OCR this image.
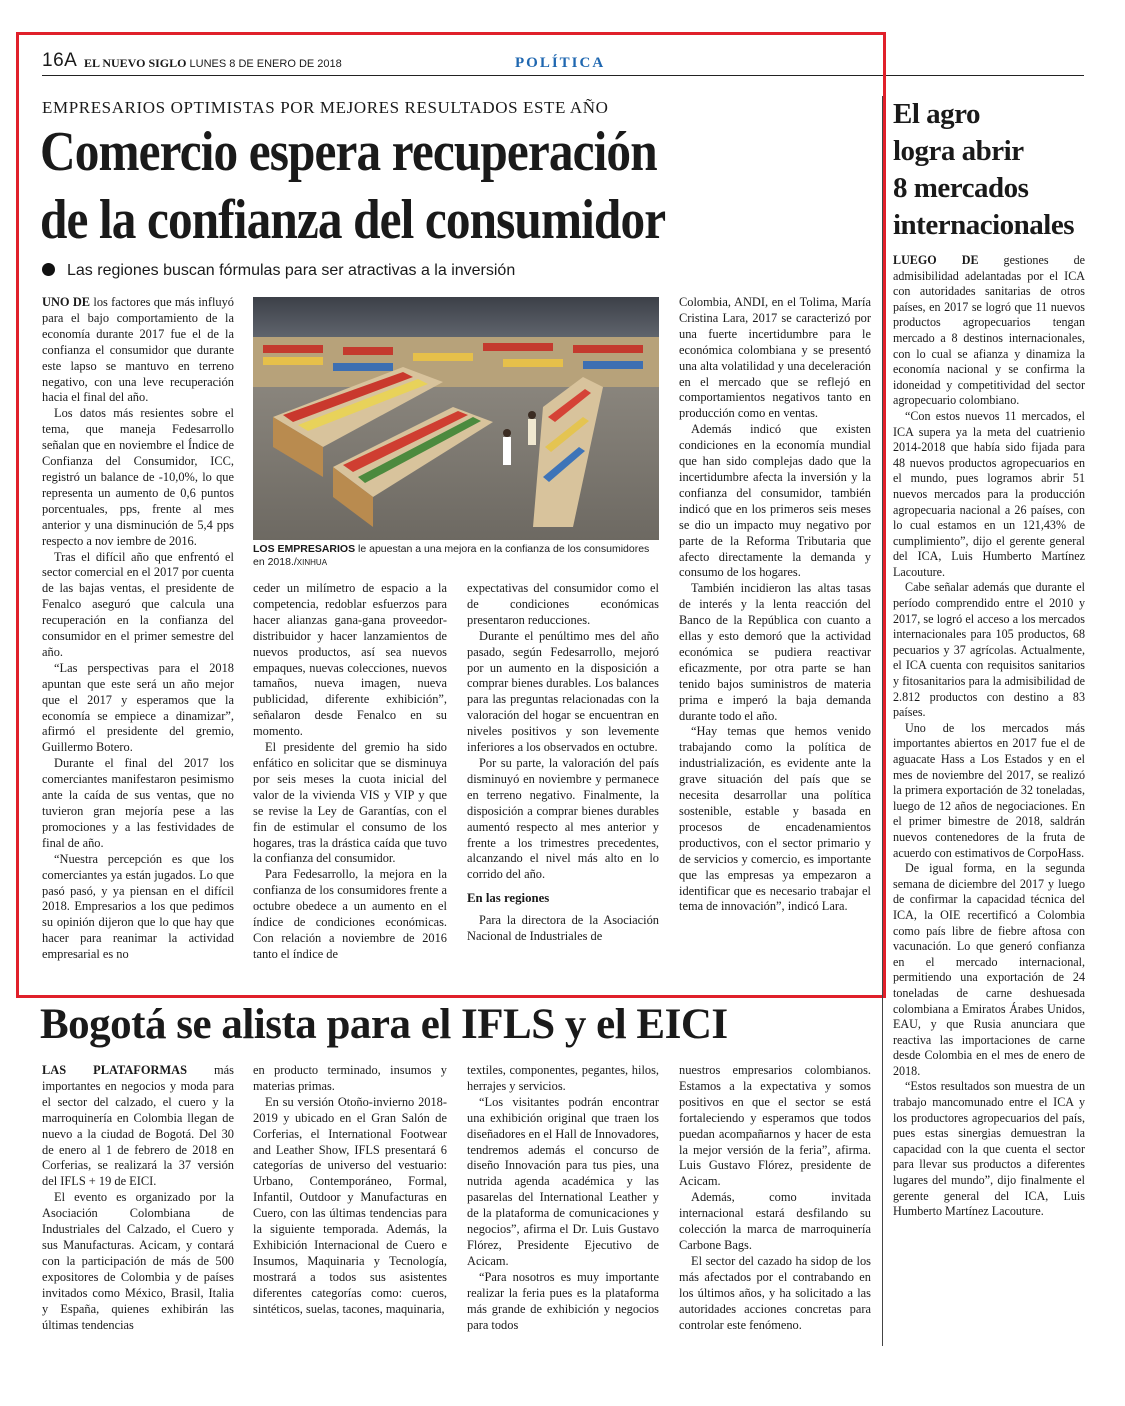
16A EL NUEVO SIGLO LUNES 8 DE ENERO DE 2018	POLÍTICA
EMPRESARIOS OPTIMISTAS POR MEJORES RESULTADOS ESTE AÑO
Comercio espera recuperación
de la confianza del consumidor
Las regiones buscan fórmulas para ser atractivas a la inversión

UNO DE los factores que más influyó para el bajo comportamiento de la economía durante 2017 fue el de la confianza el consumidor que durante este lapso se mantuvo en terreno negativo, con una leve recuperación hacia el final del año.

Los datos más resientes sobre el tema, que maneja Fedesarrollo señalan que en noviembre el Índice de Confianza del Consumidor, ICC, registró un balance de -10,0%, lo que representa un aumento de 0,6 puntos porcentuales, pps, frente al mes anterior y una disminución de 5,4 pps respecto a nov iembre de 2016.

Tras el difícil año que enfrentó el sector comercial en el 2017 por cuenta de las bajas ventas, el presidente de Fenalco aseguró que calcula una recuperación en la confianza del consumidor en el primer semestre del año.

“Las perspectivas para el 2018 apuntan que este será un año mejor que el 2017 y esperamos que la economía se empiece a dinamizar”, afirmó el presidente del gremio, Guillermo Botero.

Durante el final del 2017 los comerciantes manifestaron pesimismo ante la caída de sus ventas, que no tuvieron gran mejoría pese a las promociones y a las festividades de final de año.

“Nuestra percepción es que los comerciantes ya están jugados. Lo que pasó pasó, y ya piensan en el difícil 2018. Empresarios a los que pedimos su opinión dijeron que lo que hay que hacer para reanimar la actividad empresarial es no

LOS EMPRESARIOS le apuestan a una mejora en la confianza de los consumidores en 2018./XINHUA

ceder un milímetro de espacio a la competencia, redoblar esfuerzos para hacer alianzas gana-gana proveedor-distribuidor y hacer lanzamientos de nuevos productos, así sea nuevos empaques, nuevas colecciones, nuevos tamaños, nueva imagen, nueva publicidad, diferente exhibición”, señalaron desde Fenalco en su momento.

El presidente del gremio ha sido enfático en solicitar que se disminuya por seis meses la cuota inicial del valor de la vivienda VIS y VIP y que se revise la Ley de Garantías, con el fin de estimular el consumo de los hogares, tras la drástica caída que tuvo la confianza del consumidor.

Para Fedesarrollo, la mejora en la confianza de los consumidores frente a octubre obedece a un aumento en el índice de condiciones económicas. Con relación a noviembre de 2016 tanto el índice de

expectativas del consumidor como el de condiciones económicas presentaron reducciones.

Durante el penúltimo mes del año pasado, según Fedesarrollo, mejoró por un aumento en la disposición a comprar bienes durables. Los balances para las preguntas relacionadas con la valoración del hogar se encuentran en niveles positivos y son levemente inferiores a los observados en octubre.

Por su parte, la valoración del país disminuyó en noviembre y permanece en terreno negativo. Finalmente, la disposición a comprar bienes durables aumentó respecto al mes anterior y frente a los trimestres precedentes, alcanzando el nivel más alto en lo corrido del año.

En las regiones

Para la directora de la Asociación Nacional de Industriales de

Colombia, ANDI, en el Tolima, María Cristina Lara, 2017 se caracterizó por una fuerte incertidumbre para le económica colombiana y se presentó una alta volatilidad y una deceleración en el mercado que se reflejó en comportamientos negativos tanto en producción como en ventas.

Además indicó que existen condiciones en la economía mundial que han sido complejas dado que la incertidumbre afecta la inversión y la confianza del consumidor, también indicó que en los primeros seis meses se dio un impacto muy negativo por parte de la Reforma Tributaria que afecto directamente la demanda y consumo de los hogares.

También incidieron las altas tasas de interés y la lenta reacción del Banco de la República con cuanto a ellas y esto demoró que la actividad económica se pudiera reactivar eficazmente, por otra parte se han tenido bajos suministros de materia prima e imperó la baja demanda durante todo el año.

“Hay temas que hemos venido trabajando como la política de industrialización, es evidente ante la grave situación del país que se necesita desarrollar una política sostenible, estable y basada en procesos de encadenamientos productivos, con el sector primario y de servicios y comercio, es importante que las empresas ya empezaron a identificar que es necesario trabajar el tema de innovación”, indicó Lara.

El agro
logra abrir
8 mercados
internacionales

LUEGO DE gestiones de admisibilidad adelantadas por el ICA con autoridades sanitarias de otros países, en 2017 se logró que 11 nuevos productos agropecuarios tengan mercado a 8 destinos internacionales, con lo cual se afianza y dinamiza la economía nacional y se confirma la idoneidad y competitividad del sector agropecuario colombiano.

“Con estos nuevos 11 mercados, el ICA supera ya la meta del cuatrienio 2014-2018 que había sido fijada para 48 nuevos productos agropecuarios en el mundo, pues logramos abrir 51 nuevos mercados para la producción agropecuaria nacional a 26 países, con lo cual estamos en un 121,43% de cumplimiento”, dijo el gerente general del ICA, Luis Humberto Martínez Lacouture.

Cabe señalar además que durante el período comprendido entre el 2010 y 2017, se logró el acceso a los mercados internacionales para 105 productos, 68 pecuarios y 37 agrícolas. Actualmente, el ICA cuenta con requisitos sanitarios y fitosanitarios para la admisibilidad de 2.812 productos con destino a 83 países.

Uno de los mercados más importantes abiertos en 2017 fue el de aguacate Hass a Los Estados y en el mes de noviembre del 2017, se realizó la primera exportación de 32 toneladas, luego de 12 años de negociaciones. En el primer bimestre de 2018, saldrán nuevos contenedores de la fruta de acuerdo con estimativos de CorpoHass.

De igual forma, en la segunda semana de diciembre del 2017 y luego de confirmar la capacidad técnica del ICA, la OIE recertificó a Colombia como país libre de fiebre aftosa con vacunación. Lo que generó confianza en el mercado internacional, permitiendo una exportación de 24 toneladas de carne deshuesada colombiana a Emiratos Árabes Unidos, EAU, y que Rusia anunciara que reactiva las importaciones de carne desde Colombia en el mes de enero de 2018.

“Estos resultados son muestra de un trabajo mancomunado entre el ICA y los productores agropecuarios del país, pues estas sinergias demuestran la capacidad con la que cuenta el sector para llevar sus productos a diferentes lugares del mundo”, dijo finalmente el gerente general del ICA, Luis Humberto Martínez Lacouture.

Bogotá se alista para el IFLS y el EICI

LAS PLATAFORMAS más importantes en negocios y moda para el sector del calzado, el cuero y la marroquinería en Colombia llegan de nuevo a la ciudad de Bogotá. Del 30 de enero al 1 de febrero de 2018 en Corferias, se realizará la 37 versión del IFLS + 19 de EICI.

El evento es organizado por la Asociación Colombiana de Industriales del Calzado, el Cuero y sus Manufacturas. Acicam, y contará con la participación de más de 500 expositores de Colombia y de países invitados como México, Brasil, Italia y España, quienes exhibirán las últimas tendencias

en producto terminado, insumos y materias primas.

En su versión Otoño-invierno 2018-2019 y ubicado en el Gran Salón de Corferias, el International Footwear and Leather Show, IFLS presentará 6 categorías de universo del vestuario: Urbano, Contemporáneo, Formal, Infantil, Outdoor y Manufacturas en Cuero, con las últimas tendencias para la siguiente temporada. Además, la Exhibición Internacional de Cuero e Insumos, Maquinaria y Tecnología, mostrará a todos sus asistentes diferentes categorías como: cueros, sintéticos, suelas, tacones, maquinaria,

textiles, componentes, pegantes, hilos, herrajes y servicios.

“Los visitantes podrán encontrar una exhibición original que traen los diseñadores en el Hall de Innovadores, tendremos además el concurso de diseño Innovación para tus pies, una nutrida agenda académica y las pasarelas del International Leather y de la plataforma de comunicaciones y negocios”, afirma el Dr. Luis Gustavo Flórez, Presidente Ejecutivo de Acicam.

“Para nosotros es muy importante realizar la feria pues es la plataforma más grande de exhibición y negocios para todos

nuestros empresarios colombianos. Estamos a la expectativa y somos positivos en que el sector se está fortaleciendo y esperamos que todos puedan acompañarnos y hacer de esta la mejor versión de la feria”, afirma. Luis Gustavo Flórez, presidente de Acicam.

Además, como invitada internacional estará desfilando su colección la marca de marroquinería Carbone Bags.

El sector del cazado ha sidop de los más afectados por el contrabando en los últimos años, y ha solicitado a las autoridades acciones concretas para controlar este fenómeno.
